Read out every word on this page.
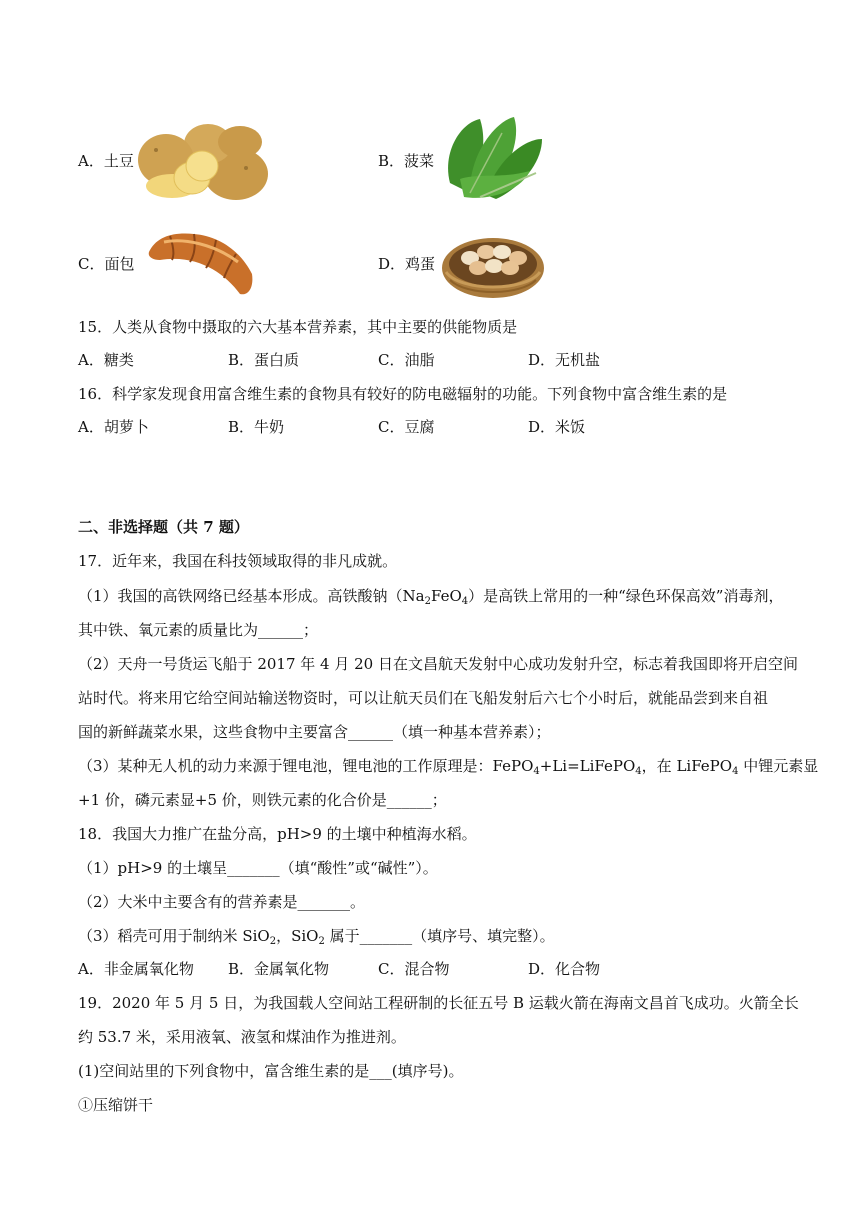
A．土豆	B．菠菜
C．面包	D．鸡蛋
15．人类从食物中摄取的六大基本营养素，其中主要的供能物质是
A．糖类	B．蛋白质	C．油脂	D．无机盐
16．科学家发现食用富含维生素的食物具有较好的防电磁辐射的功能。下列食物中富含维生素的是
A．胡萝卜	B．牛奶	C．豆腐	D．米饭
二、非选择题（共 7 题）
17．近年来，我国在科技领域取得的非凡成就。
（1）我国的高铁网络已经基本形成。高铁酸钠$(Na_2FeO_4)$是高铁上常用的一种“绿色环保高效”消毒剂，
其中铁、氧元素的质量比为______；
（2）天舟一号货运飞船于 2017 年 4 月 20 日在文昌航天发射中心成功发射升空，标志着我国即将开启空间
站时代。将来用它给空间站输送物资时，可以让航天员们在飞船发射后六七个小时后，就能品尝到来自祖
国的新鲜蔬菜水果，这些食物中主要富含______（填一种基本营养素）；
（3）某种无人机的动力来源于锂电池，锂电池的工作原理是：FePO$_4$+Li=LiFePO$_4$，在 LiFePO$_4$ 中锂元素显
+1 价，磷元素显+5 价，则铁元素的化合价是______；
18．我国大力推广在盐分高，pH>9 的土壤中种植海水稻。
（1）pH>9 的土壤呈_______（填“酸性”或“碱性”）。
（2）大米中主要含有的营养素是_______。
（3）稻壳可用于制纳米 SiO$_2$，SiO$_2$ 属于_______（填序号、填完整）。
A．非金属氧化物 B．金属氧化物	C．混合物	D．化合物
19．2020 年 5 月 5 日，为我国载人空间站工程研制的长征五号 B 运载火箭在海南文昌首飞成功。火箭全长
约 53.7 米，采用液氧、液氢和煤油作为推进剂。
(1)空间站里的下列食物中，富含维生素的是___(填序号)。
①压缩饼干
